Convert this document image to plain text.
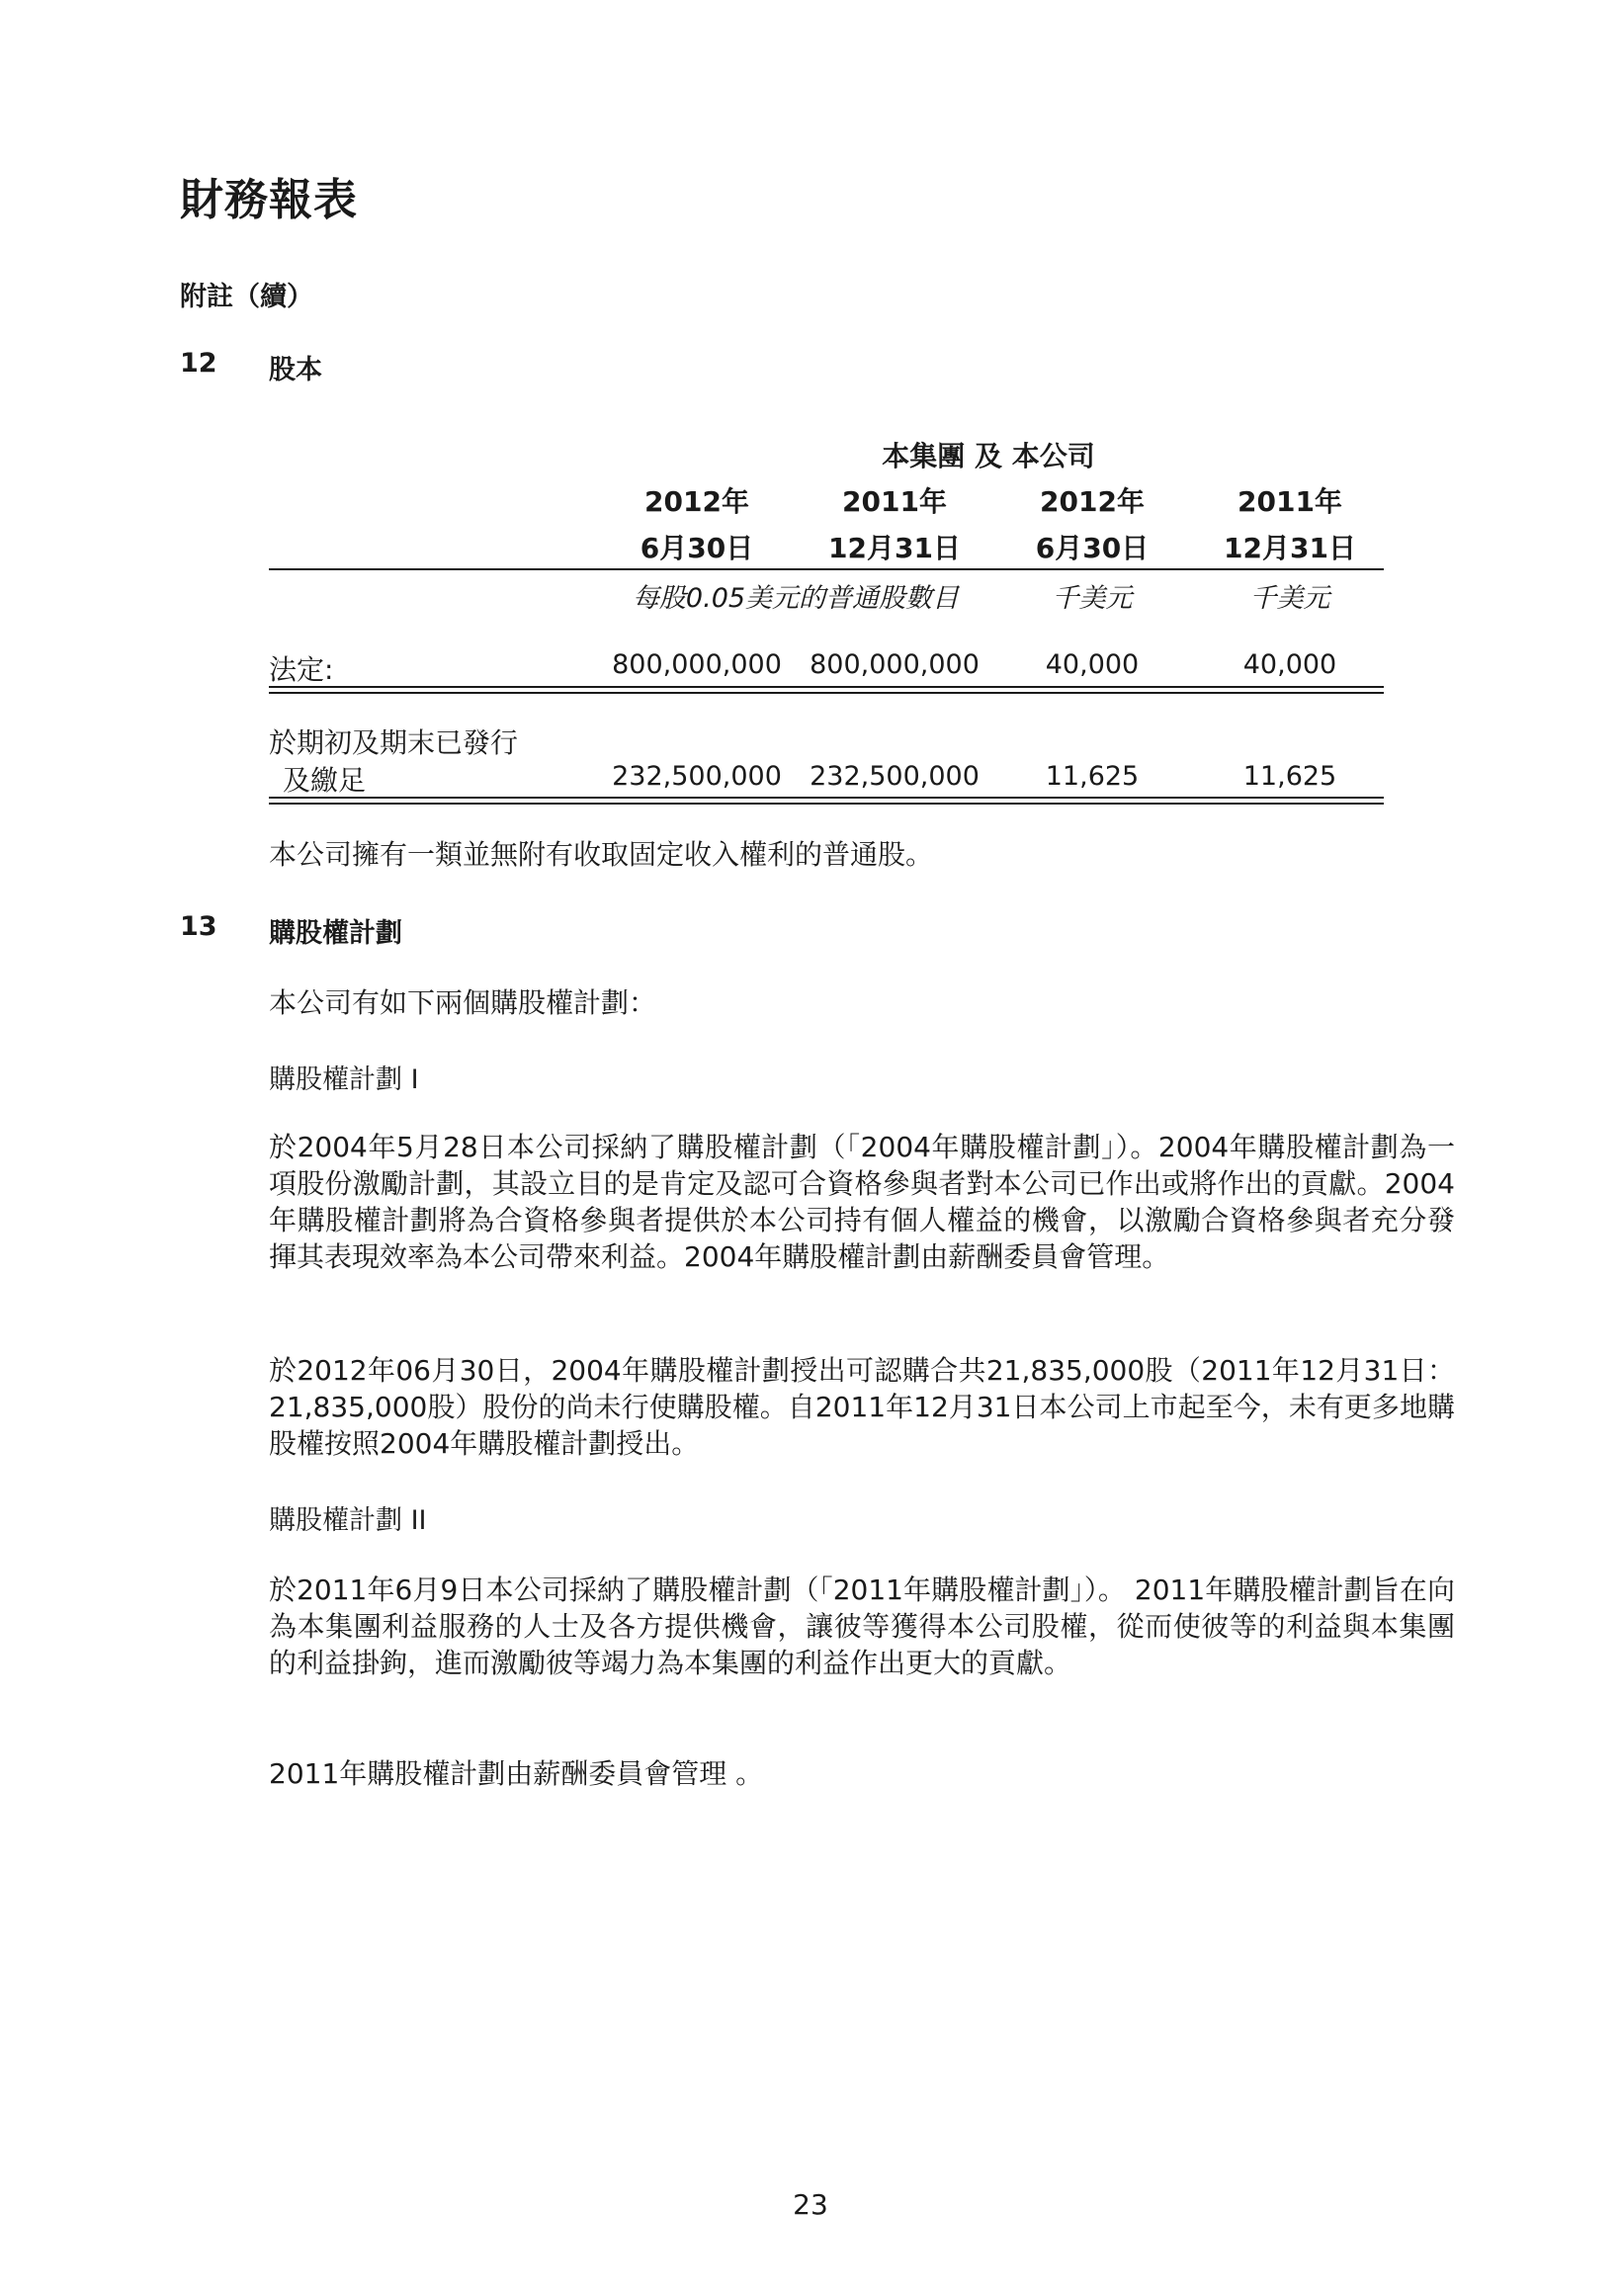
財務報表
附註（續）
12 股本
本集團 及 本公司
2012年	2011年	2012年	2011年
6月30日	12月31日	6月30日	12月31日
每股0.05美元的普通股數目	千美元	千美元
法定:	800,000,000	800,000,000	40,000	40,000
於期初及期末已發行
及繳足	232,500,000	232,500,000	11,625	11,625
本公司擁有一類並無附有收取固定收入權利的普通股。
13 購股權計劃
本公司有如下兩個購股權計劃：
購股權計劃 I
於2004年5月28日本公司採納了購股權計劃（「2004年購股權計劃」）。2004年購股權計劃為一項股份激勵計劃，其設立目的是肯定及認可合資格參與者對本公司已作出或將作出的貢獻。2004年購股權計劃將為合資格參與者提供於本公司持有個人權益的機會，以激勵合資格參與者充分發揮其表現效率為本公司帶來利益。2004年購股權計劃由薪酬委員會管理。
於2012年06月30日，2004年購股權計劃授出可認購合共21,835,000股（2011年12月31日：21,835,000股）股份的尚未行使購股權。自2011年12月31日本公司上市起至今，未有更多地購股權按照2004年購股權計劃授出。
購股權計劃 II
於2011年6月9日本公司採納了購股權計劃（「2011年購股權計劃」）。 2011年購股權計劃旨在向為本集團利益服務的人士及各方提供機會，讓彼等獲得本公司股權，從而使彼等的利益與本集團的利益掛鉤，進而激勵彼等竭力為本集團的利益作出更大的貢獻。
2011年購股權計劃由薪酬委員會管理 。
23
